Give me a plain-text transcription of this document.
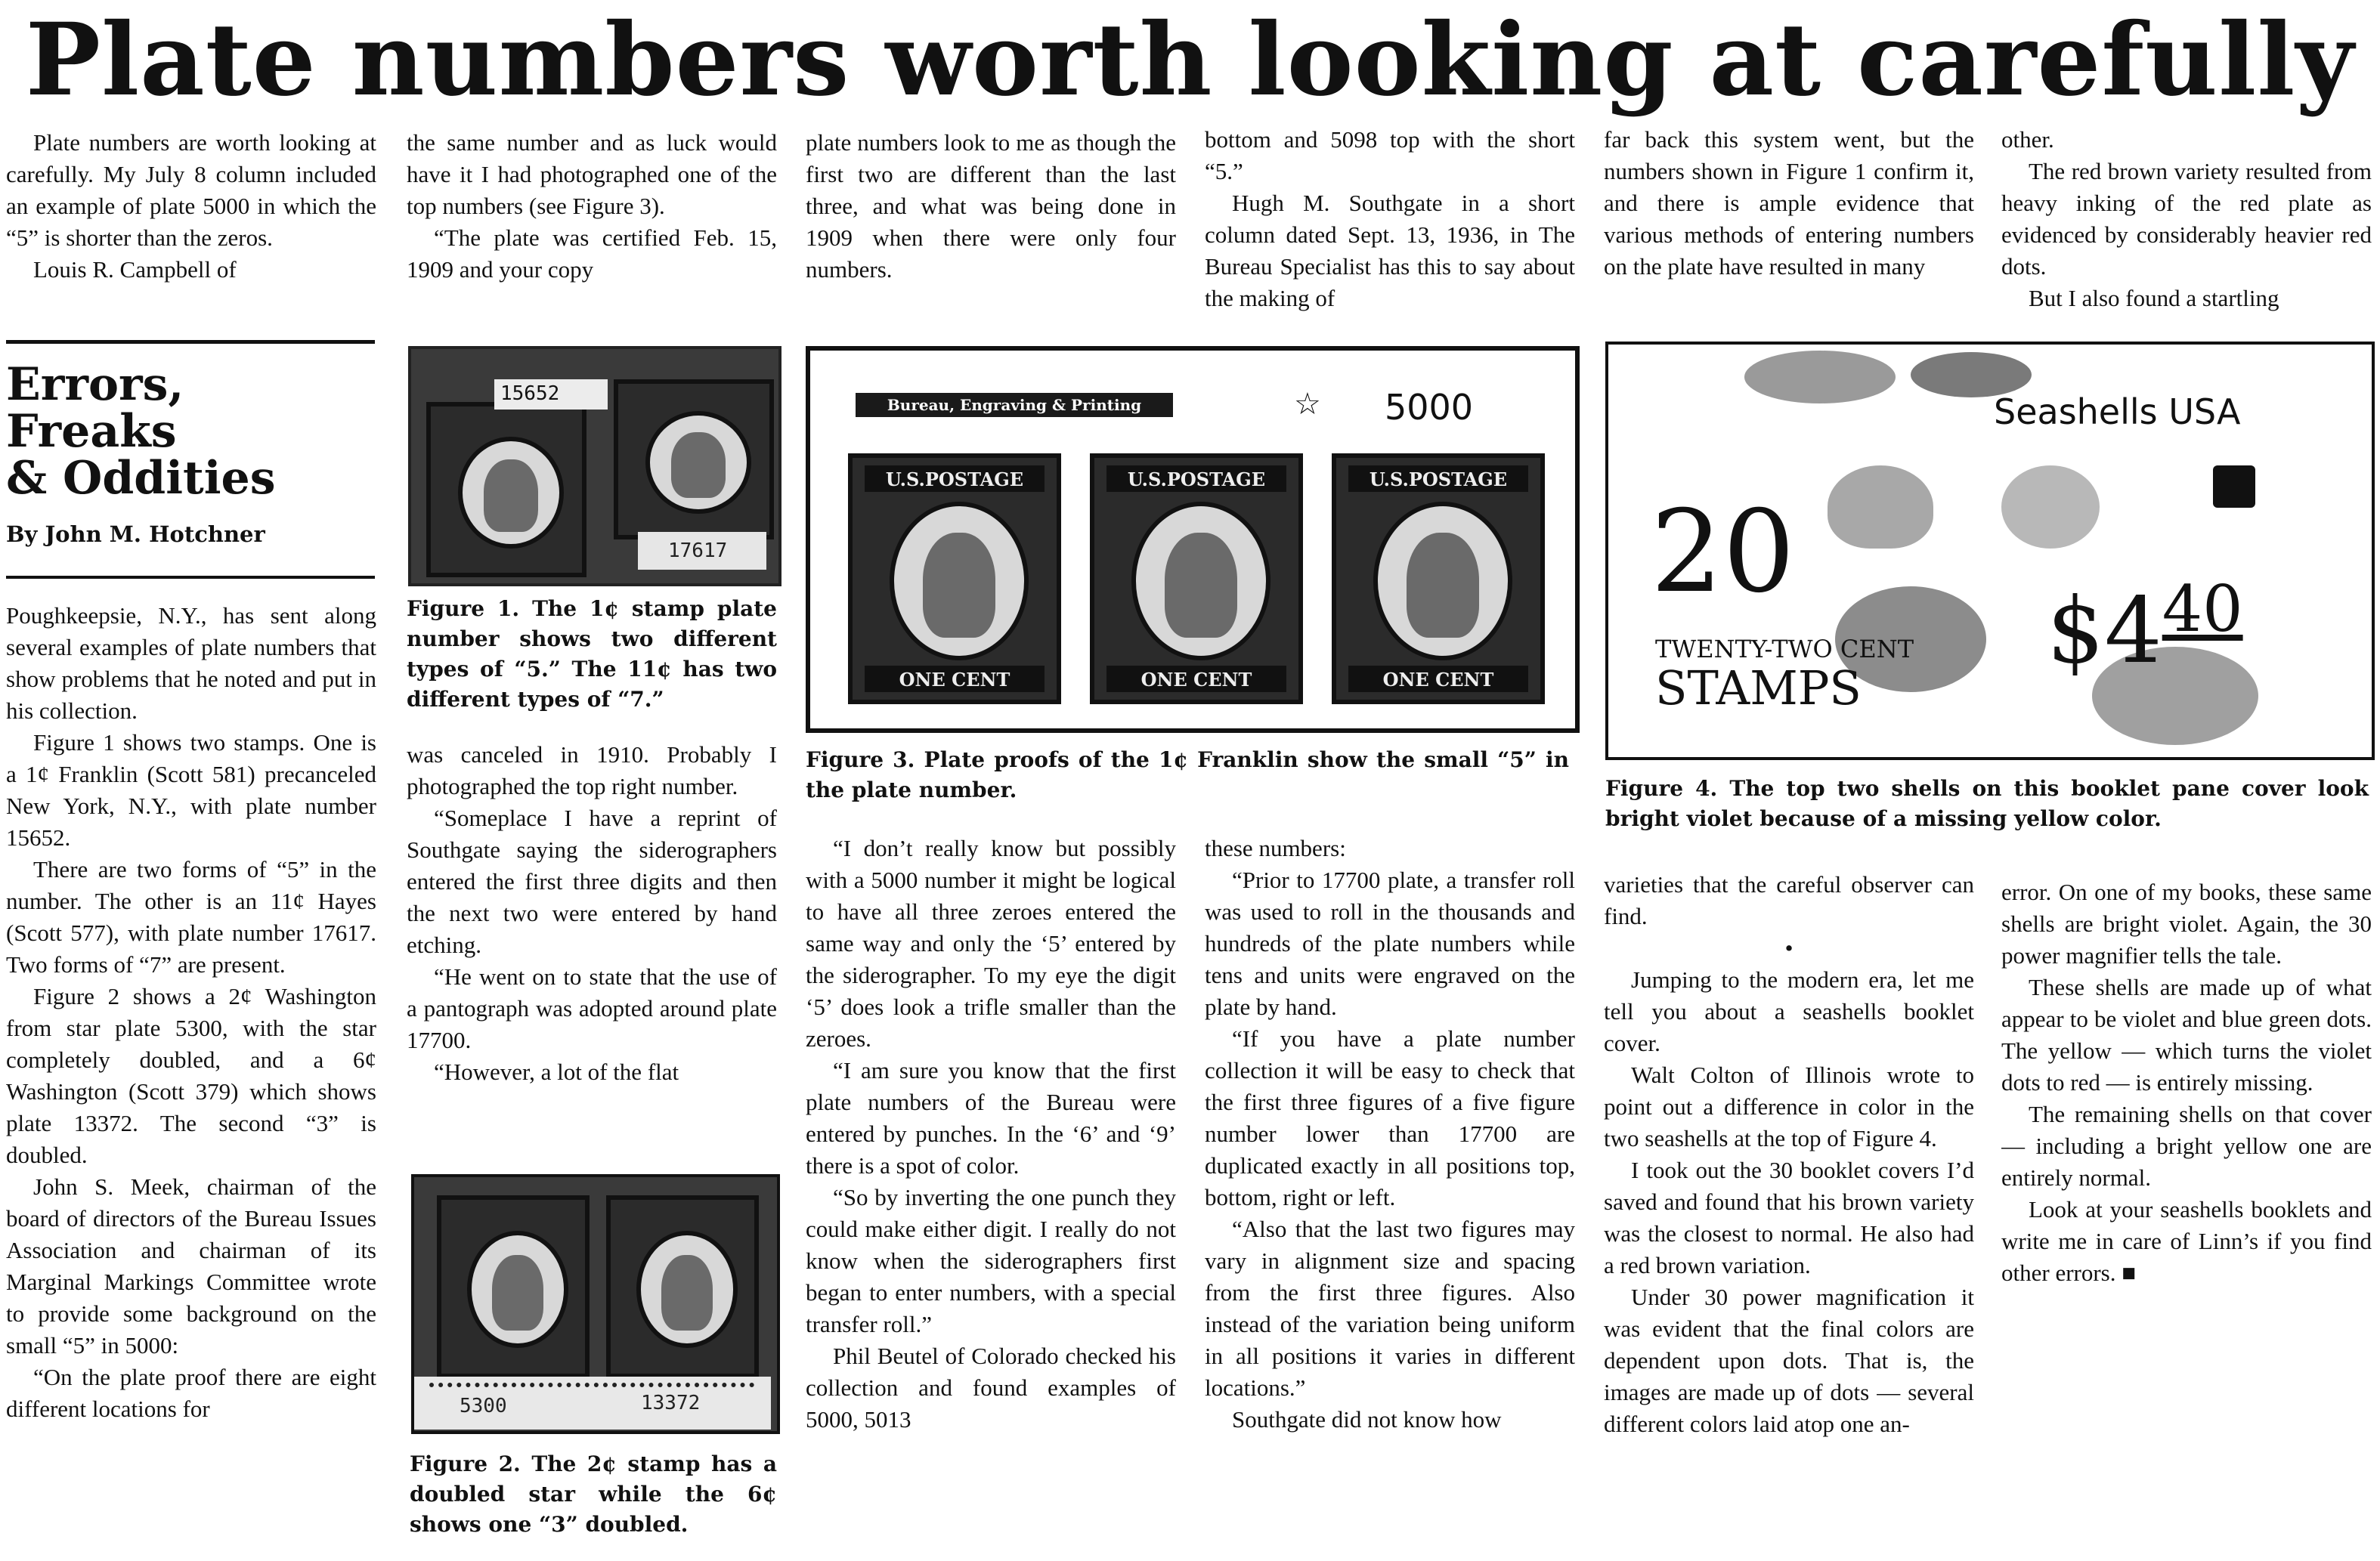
Plate numbers worth looking at carefully

Plate numbers are worth looking at carefully. My July 8 column included an example of plate 5000 in which the “5” is shorter than the zeros.

Louis R. Campbell of

the same number and as luck would have it I had photographed one of the top numbers (see Figure 3).

“The plate was certified Feb. 15, 1909 and your copy

plate numbers look to me as though the first two are different than the last three, and what was being done in 1909 when there were only four numbers.

bottom and 5098 top with the short “5.”

Hugh M. Southgate in a short column dated Sept. 13, 1936, in The Bureau Specialist has this to say about the making of

far back this system went, but the numbers shown in Figure 1 confirm it, and there is ample evidence that various methods of entering numbers on the plate have resulted in many

other.

The red brown variety resulted from heavy inking of the red plate as evidenced by considerably heavier red dots.

But I also found a startling

Errors,
Freaks
& Oddities
By John M. Hotchner

Poughkeepsie, N.Y., has sent along several examples of plate numbers that show problems that he noted and put in his collection.

Figure 1 shows two stamps. One is a 1¢ Franklin (Scott 581) precanceled New York, N.Y., with plate number 15652.

There are two forms of “5” in the number. The other is an 11¢ Hayes (Scott 577), with plate number 17617. Two forms of “7” are present.

Figure 2 shows a 2¢ Washington from star plate 5300, with the star completely doubled, and a 6¢ Washington (Scott 379) which shows plate 13372. The second “3” is doubled.

John S. Meek, chairman of the board of directors of the Bureau Issues Association and chairman of its Marginal Markings Committee wrote to provide some background on the small “5” in 5000:

“On the plate proof there are eight different locations for

15652
17617
Figure 1. The 1¢ stamp plate number shows two different types of “5.” The 11¢ has two different types of “7.”

was canceled in 1910. Probably I photographed the top right number.

“Someplace I have a reprint of Southgate saying the siderographers entered the first three digits and then the next two were entered by hand etching.

“He went on to state that the use of a pantograph was adopted around plate 17700.

“However, a lot of the flat

5300	13372
Figure 2. The 2¢ stamp has a doubled star while the 6¢ shows one “3” doubled.
Bureau, Engraving & Printing	☆ 5000
U.S.POSTAGE
ONE CENT
U.S.POSTAGE
ONE CENT
U.S.POSTAGE
ONE CENT
Figure 3. Plate proofs of the 1¢ Franklin show the small “5” in the plate number.

“I don’t really know but possibly with a 5000 number it might be logical to have all three zeroes entered the same way and only the ‘5’ entered by the siderographer. To my eye the digit ‘5’ does look a trifle smaller than the zeroes.

“I am sure you know that the first plate numbers of the Bureau were entered by punches. In the ‘6’ and ‘9’ there is a spot of color.

“So by inverting the one punch they could make either digit. I really do not know when the siderographers first began to enter numbers, with a special transfer roll.”

Phil Beutel of Colorado checked his collection and found examples of 5000, 5013

these numbers:

“Prior to 17700 plate, a transfer roll was used to roll in the thousands and hundreds of the plate numbers while tens and units were engraved on the plate by hand.

“If you have a plate number collection it will be easy to check that the first three figures of a five figure number lower than 17700 are duplicated exactly in all positions top, bottom, right or left.

“Also that the last two figures may vary in alignment size and spacing from the first three figures. Also instead of the variation being uniform in all positions it varies in different locations.”

Southgate did not know how

Seashells USA
20
TWENTY-TWO CENT
STAMPS
$\$4^{40}$
Figure 4. The top two shells on this booklet pane cover look bright violet because of a missing yellow color.

varieties that the careful observer can find.

•

Jumping to the modern era, let me tell you about a seashells booklet cover.

Walt Colton of Illinois wrote to point out a difference in color in the two seashells at the top of Figure 4.

I took out the 30 booklet covers I’d saved and found that his brown variety was the closest to normal. He also had a red brown variation.

Under 30 power magnification it was evident that the final colors are dependent upon dots. That is, the images are made up of dots — several different colors laid atop one an-

error. On one of my books, these same shells are bright violet. Again, the 30 power magnifier tells the tale.

These shells are made up of what appear to be violet and blue green dots. The yellow — which turns the violet dots to red — is entirely missing.

The remaining shells on that cover — including a bright yellow one are entirely normal.

Look at your seashells booklets and write me in care of Linn’s if you find other errors. ■
